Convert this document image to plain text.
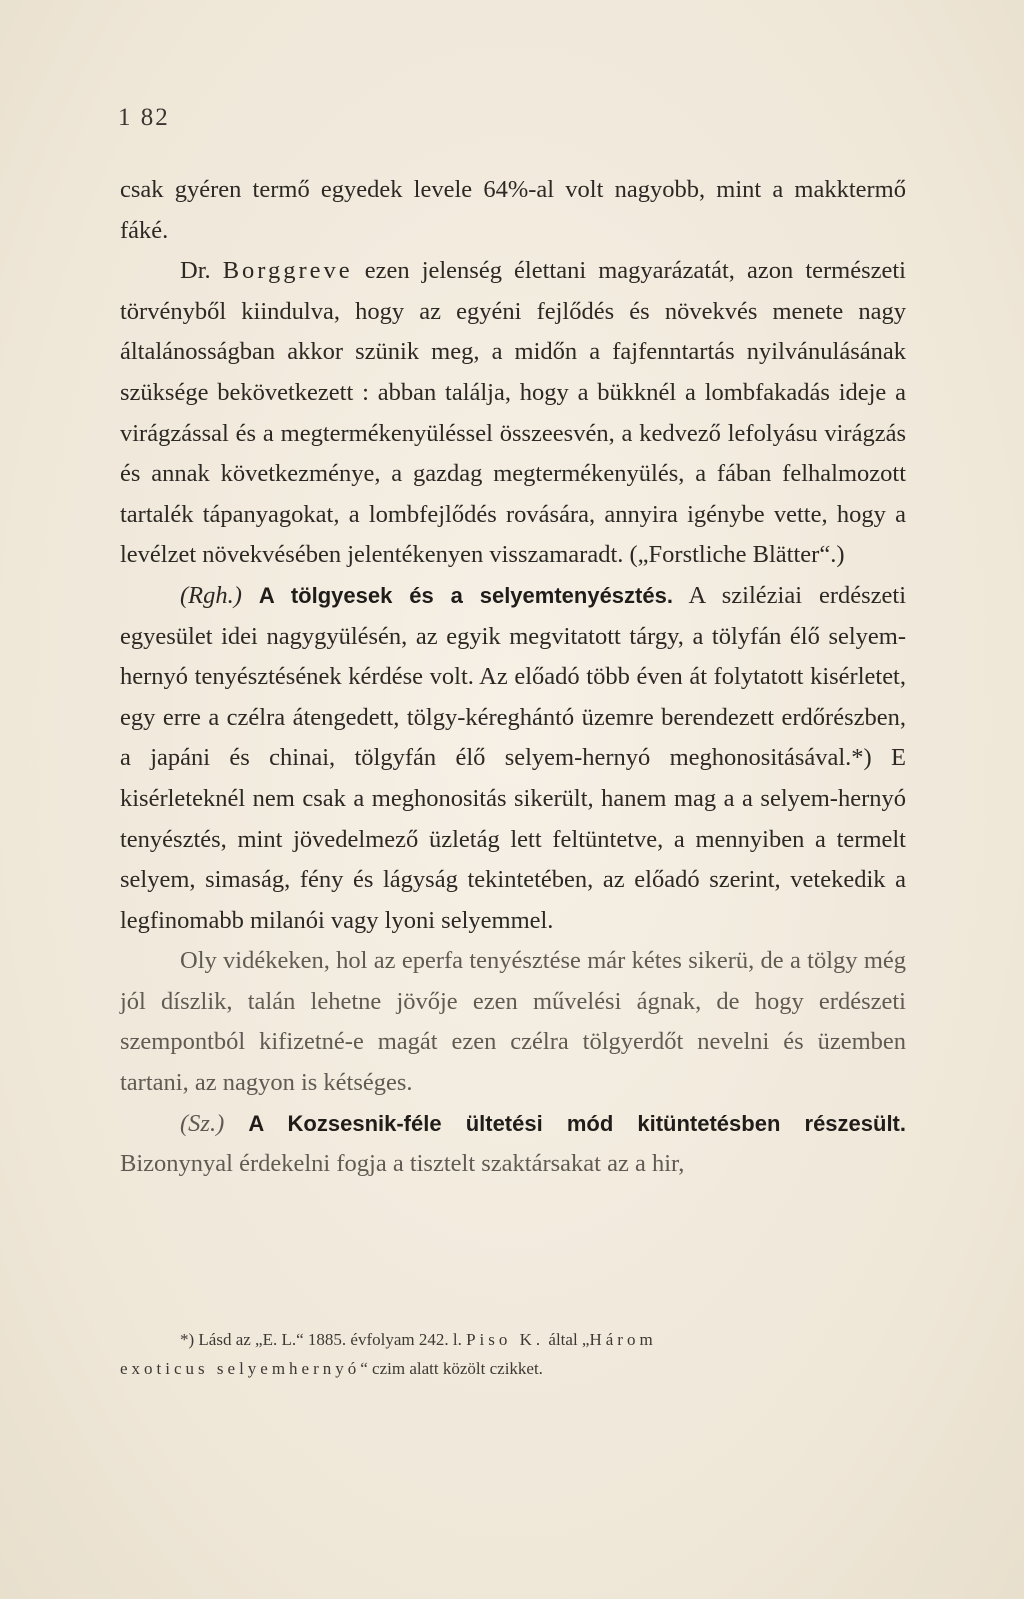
1 82

csak gyéren termő egyedek levele 64%-al volt nagyobb, mint a makktermő fáké.

Dr. Borggreve ezen jelenség élettani magyarázatát, azon természeti törvényből kiindulva, hogy az egyéni fejlődés és növekvés menete nagy általánosságban akkor szünik meg, a midőn a fajfenntartás nyilvánulásának szüksége bekövetkezett : abban találja, hogy a bükknél a lombfakadás ideje a virágzással és a megtermékenyüléssel összeesvén, a kedvező lefolyásu virágzás és annak következménye, a gazdag megtermékenyülés, a fában felhalmozott tartalék tápanyagokat, a lombfejlődés rovására, annyira igénybe vette, hogy a levélzet növekvésében jelentékenyen visszamaradt. („Forstliche Blätter“.)

(Rgh.) A tölgyesek és a selyemtenyésztés. A sziléziai erdészeti egyesület idei nagygyülésén, az egyik megvitatott tárgy, a tölyfán élő selyem-hernyó tenyésztésének kérdése volt. Az előadó több éven át folytatott kisérletet, egy erre a czélra átengedett, tölgy-kéreghántó üzemre berendezett erdőrészben, a japáni és chinai, tölgyfán élő selyem-hernyó meghonositásával.*) E kisérleteknél nem csak a meghonositás sikerült, hanem mag a a selyem-hernyó tenyésztés, mint jövedelmező üzletág lett feltüntetve, a mennyiben a termelt selyem, simaság, fény és lágyság tekintetében, az előadó szerint, vetekedik a legfinomabb milanói vagy lyoni selyemmel.

Oly vidékeken, hol az eperfa tenyésztése már kétes sikerü, de a tölgy még jól díszlik, talán lehetne jövője ezen művelési ágnak, de hogy erdészeti szempontból kifizetné-e magát ezen czélra tölgyerdőt nevelni és üzemben tartani, az nagyon is kétséges.

(Sz.) A Kozsesnik-féle ültetési mód kitüntetésben részesült. Bizonynyal érdekelni fogja a tisztelt szaktársakat az a hir,

*) Lásd az „E. L.“ 1885. évfolyam 242. l. Piso K. által „Három

exoticus selyemhernyó“ czim alatt közölt czikket.
